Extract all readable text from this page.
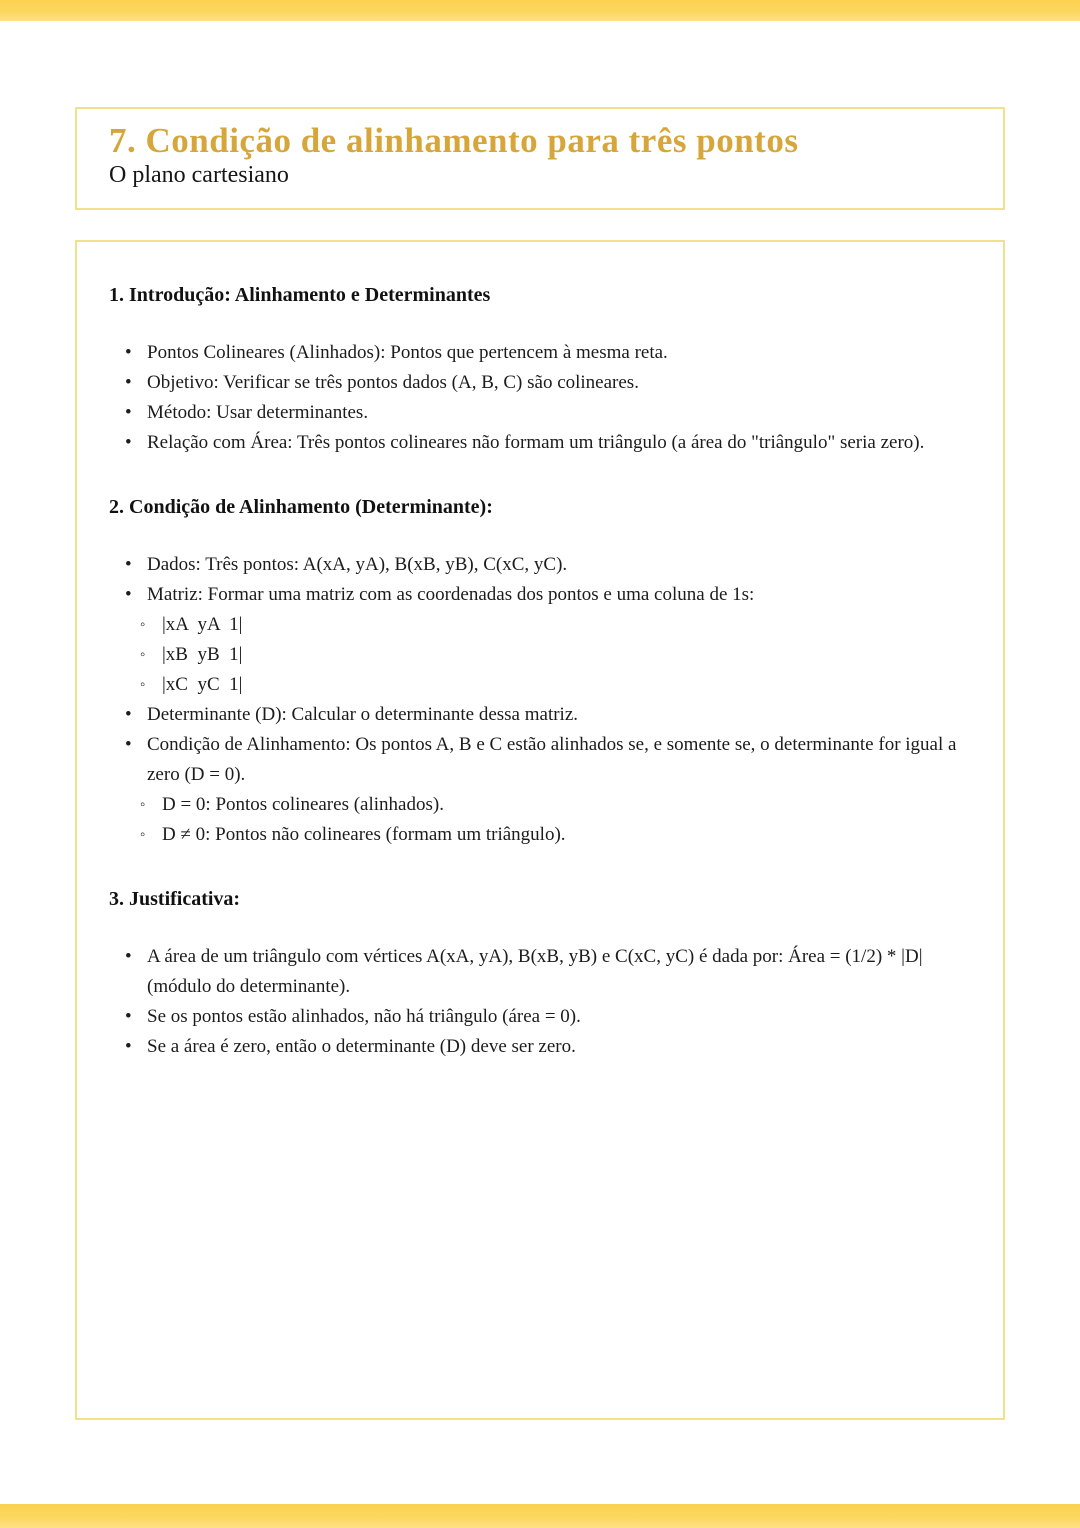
7. Condição de alinhamento para três pontos
O plano cartesiano
1. Introdução: Alinhamento e Determinantes
• Pontos Colineares (Alinhados): Pontos que pertencem à mesma reta.
• Objetivo: Verificar se três pontos dados (A, B, C) são colineares.
• Método: Usar determinantes.
• Relação com Área: Três pontos colineares não formam um triângulo (a área do "triângulo" seria zero).
2. Condição de Alinhamento (Determinante):
• Dados: Três pontos: A(xA, yA), B(xB, yB), C(xC, yC).
• Matriz: Formar uma matriz com as coordenadas dos pontos e uma coluna de 1s:
◦ |xA  yA  1|
◦ |xB  yB  1|
◦ |xC  yC  1|
• Determinante (D): Calcular o determinante dessa matriz.
• Condição de Alinhamento: Os pontos A, B e C estão alinhados se, e somente se, o determinante for igual a zero (D = 0).
◦ D = 0: Pontos colineares (alinhados).
◦ D ≠ 0: Pontos não colineares (formam um triângulo).
3. Justificativa:
• A área de um triângulo com vértices A(xA, yA), B(xB, yB) e C(xC, yC) é dada por: Área = (1/2) * |D| (módulo do determinante).
• Se os pontos estão alinhados, não há triângulo (área = 0).
• Se a área é zero, então o determinante (D) deve ser zero.
